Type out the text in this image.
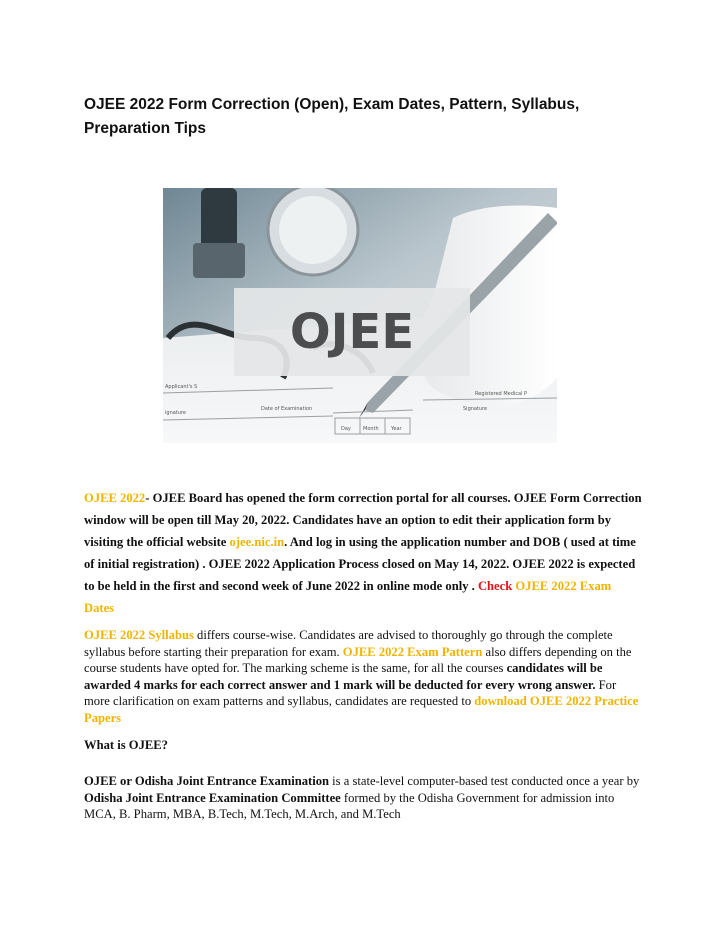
OJEE 2022 Form Correction (Open), Exam Dates, Pattern, Syllabus, Preparation Tips
Applicant's S
ignature
Date of Examination
Day Month Year
Registered Medical P
Signature
OJEE
OJEE 2022- OJEE Board has opened the form correction portal for all courses. OJEE Form Correction window will be open till May 20, 2022. Candidates have an option to edit their application form by visiting the official website ojee.nic.in. And log in using the application number and DOB ( used at time of initial registration) . OJEE 2022 Application Process closed on May 14, 2022. OJEE 2022 is expected to be held in the first and second week of June 2022 in online mode only . Check OJEE 2022 Exam Dates
OJEE 2022 Syllabus differs course-wise. Candidates are advised to thoroughly go through the complete syllabus before starting their preparation for exam. OJEE 2022 Exam Pattern also differs depending on the course students have opted for. The marking scheme is the same, for all the courses candidates will be awarded 4 marks for each correct answer and 1 mark will be deducted for every wrong answer. For more clarification on exam patterns and syllabus, candidates are requested to download OJEE 2022 Practice Papers
What is OJEE?
OJEE or Odisha Joint Entrance Examination is a state-level computer-based test conducted once a year by Odisha Joint Entrance Examination Committee formed by the Odisha Government for admission into MCA, B. Pharm, MBA, B.Tech, M.Tech, M.Arch, and M.Tech
